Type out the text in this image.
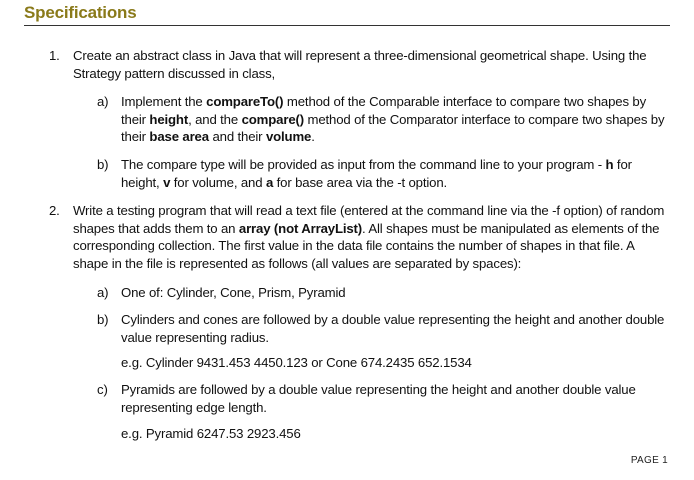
Specifications
1. Create an abstract class in Java that will represent a three-dimensional geometrical shape. Using the Strategy pattern discussed in class,
a) Implement the compareTo() method of the Comparable interface to compare two shapes by their height, and the compare() method of the Comparator interface to compare two shapes by their base area and their volume.
b) The compare type will be provided as input from the command line to your program - h for height, v for volume, and a for base area via the -t option.
2. Write a testing program that will read a text file (entered at the command line via the -f option) of random shapes that adds them to an array (not ArrayList). All shapes must be manipulated as elements of the corresponding collection. The first value in the data file contains the number of shapes in that file. A shape in the file is represented as follows (all values are separated by spaces):
a) One of: Cylinder, Cone, Prism, Pyramid
b) Cylinders and cones are followed by a double value representing the height and another double value representing radius.
e.g. Cylinder 9431.453 4450.123 or Cone 674.2435 652.1534
c) Pyramids are followed by a double value representing the height and another double value representing edge length.
e.g. Pyramid 6247.53 2923.456
PAGE 1
